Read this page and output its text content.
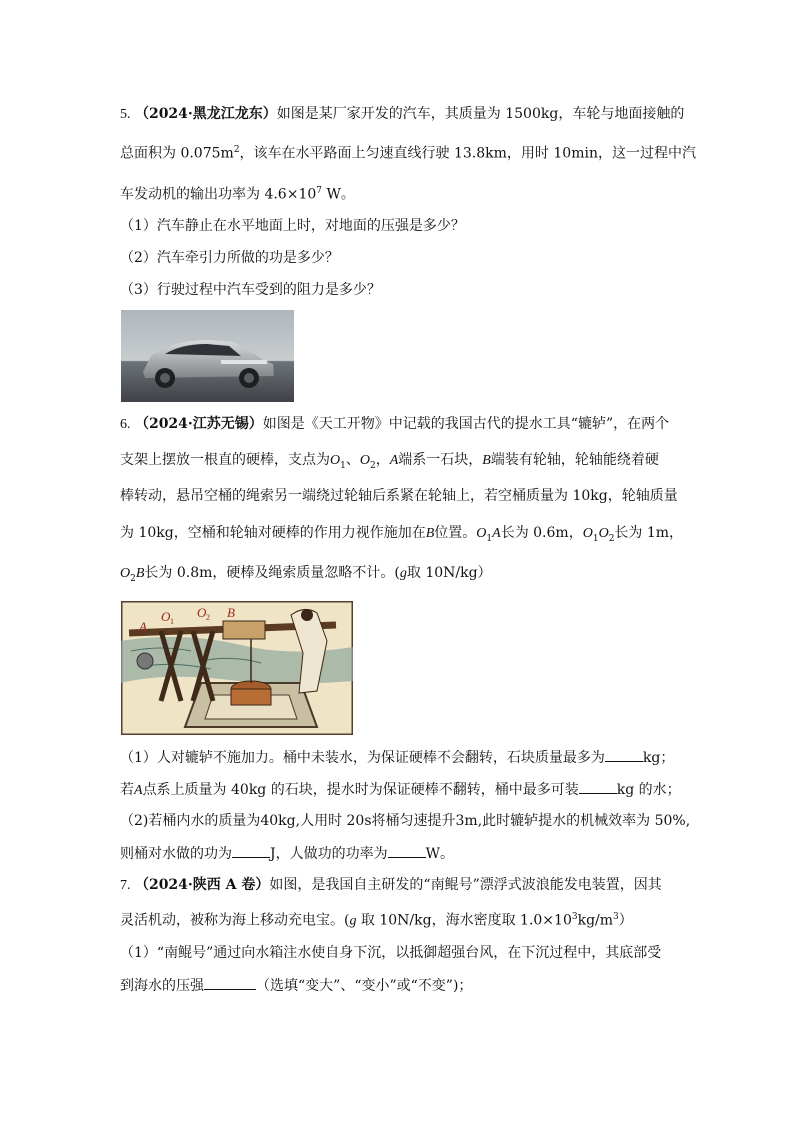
5. （2024·黑龙江龙东）如图是某厂家开发的汽车，其质量为 1500kg，车轮与地面接触的
总面积为 $0.075m^2$，该车在水平路面上匀速直线行驶 13.8km，用时 10min，这一过程中汽
车发动机的输出功率为 $4.6\times 10^7$ W。
（1）汽车静止在水平地面上时，对地面的压强是多少？
（2）汽车牵引力所做的功是多少？
（3）行驶过程中汽车受到的阻力是多少？
6. （2024·江苏无锡）如图是《天工开物》中记载的我国古代的提水工具“辘轳”，在两个
支架上摆放一根直的硬棒，支点为$O_1$、$O_2$，A端系一石块，B端装有轮轴，轮轴能绕着硬
棒转动，悬吊空桶的绳索另一端绕过轮轴后系紧在轮轴上，若空桶质量为 10kg，轮轴质量
为 10kg，空桶和轮轴对硬棒的作用力视作施加在B位置。$O_1A$长为 0.6m，$O_1O_2$长为 1m，
$O_2B$长为 0.8m，硬棒及绳索质量忽略不计。(g取 10N/kg）
A
O 1
O 2 B
（1）人对辘轳不施加力。桶中未装水，为保证硬棒不会翻转，石块质量最多为	kg；
若A点系上质量为 40kg 的石块，提水时为保证硬棒不翻转，桶中最多可装	kg 的水；
（2)若桶内水的质量为40kg,人用时 20s将桶匀速提升3m,此时辘轳提水的机械效率为 50%,
则桶对水做的功为	J，人做功的功率为	W。
7. （2024·陕西 A 卷）如图，是我国自主研发的“南鲲号”漂浮式波浪能发电装置，因其
灵活机动，被称为海上移动充电宝。(g 取 10N/kg，海水密度取 $1.0\times 10^3kg/m^3$）
（1）“南鲲号”通过向水箱注水使自身下沉，以抵御超强台风，在下沉过程中，其底部受
到海水的压强	（选填“变大”、“变小”或“不变”)；
